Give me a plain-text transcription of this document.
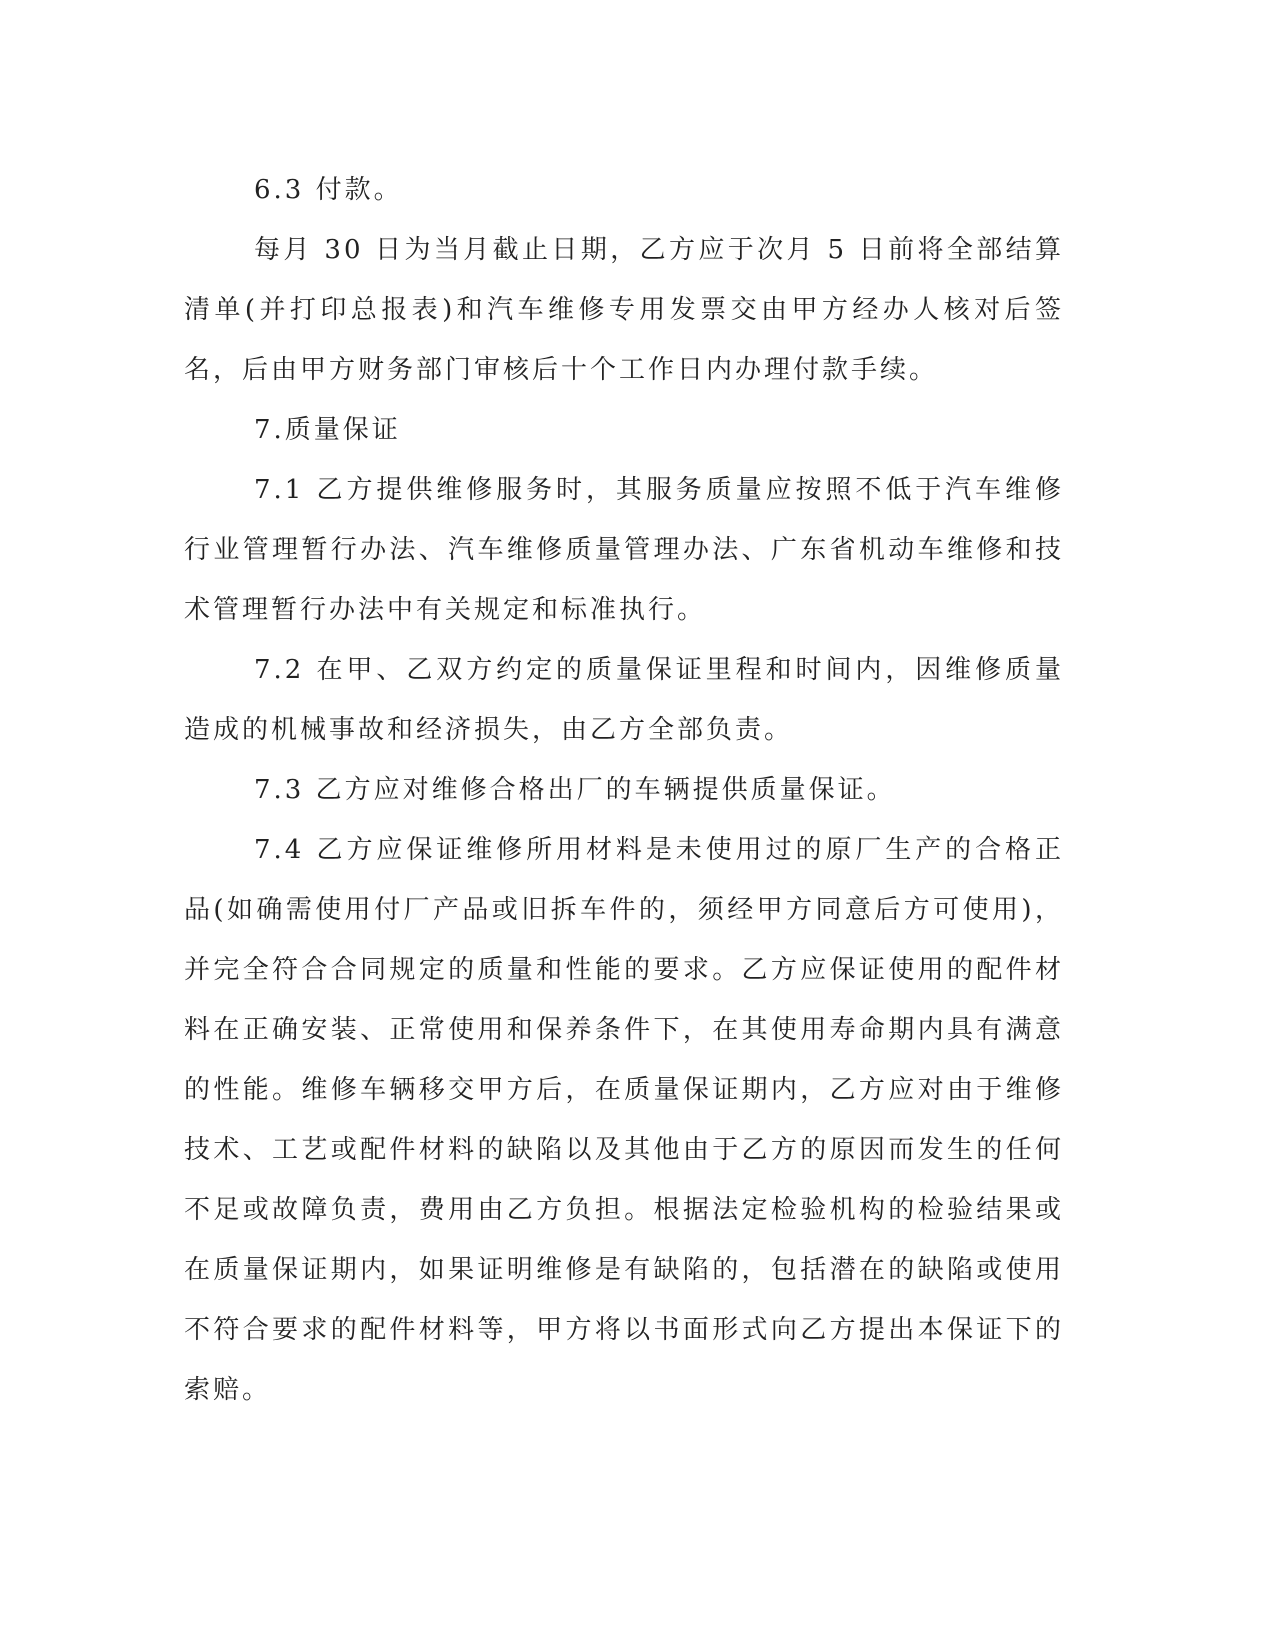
6.3 付款。

每月 30 日为当月截止日期，乙方应于次月 5 日前将全部结算清单(并打印总报表)和汽车维修专用发票交由甲方经办人核对后签名，后由甲方财务部门审核后十个工作日内办理付款手续。

7.质量保证

7.1 乙方提供维修服务时，其服务质量应按照不低于汽车维修行业管理暂行办法、汽车维修质量管理办法、广东省机动车维修和技术管理暂行办法中有关规定和标准执行。

7.2 在甲、乙双方约定的质量保证里程和时间内，因维修质量造成的机械事故和经济损失，由乙方全部负责。

7.3 乙方应对维修合格出厂的车辆提供质量保证。

7.4 乙方应保证维修所用材料是未使用过的原厂生产的合格正品(如确需使用付厂产品或旧拆车件的，须经甲方同意后方可使用)，并完全符合合同规定的质量和性能的要求。乙方应保证使用的配件材料在正确安装、正常使用和保养条件下，在其使用寿命期内具有满意的性能。维修车辆移交甲方后，在质量保证期内，乙方应对由于维修技术、工艺或配件材料的缺陷以及其他由于乙方的原因而发生的任何不足或故障负责，费用由乙方负担。根据法定检验机构的检验结果或在质量保证期内，如果证明维修是有缺陷的，包括潜在的缺陷或使用不符合要求的配件材料等，甲方将以书面形式向乙方提出本保证下的索赔。
